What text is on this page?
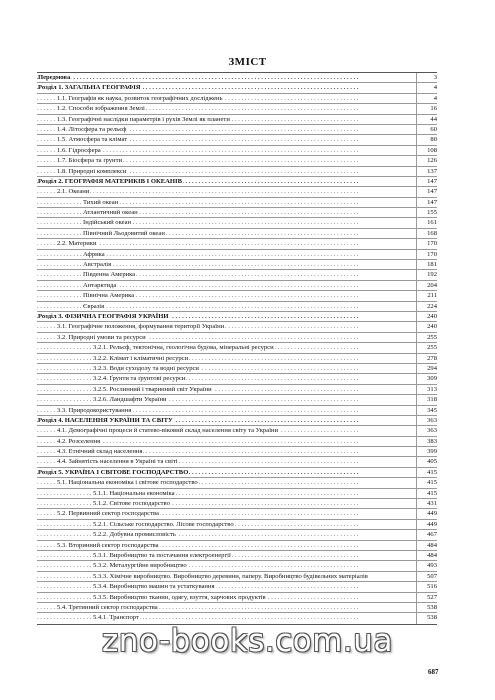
ЗМІСТ
Передмова . . .	3
Розділ 1. ЗАГАЛЬНА ГЕОГРАФІЯ . . .	4
1.1. Географія як наука, розвиток географічних досліджень . . .	4
1.2. Способи зображення Землі . . .	16
1.3. Географічні наслідки параметрів і рухів Землі як планети . . .	44
1.4. Літосфера та рельєф . . .	60
1.5. Атмосфера та клімат . . .	80
1.6. Гідросфера . . .	108
1.7. Біосфера та ґрунти . . .	126
1.8. Природні комплекси . . .	137
Розділ 2. ГЕОГРАФІЯ МАТЕРИКІВ І ОКЕАНІВ . . .	147
2.1. Океани . . .	147
Тихий океан . . .	147
Атлантичний океан . . .	155
Індійський океан . . .	161
Північний Льодовитий океан . . .	168
2.2. Материки . . .	170
Африка . . .	170
Австралія . . .	181
Південна Америка . . .	192
Антарктида . . .	204
Північна Америка . . .	211
Євразія . . .	224
Розділ 3. ФІЗИЧНА ГЕОГРАФІЯ УКРАЇНИ . . .	240
3.1. Географічне положення, формування території України . . .	240
3.2. Природні умови та ресурси . . .	255
3.2.1. Рельєф, тектонічна, геологічна будова, мінеральні ресурси . . .	255
3.2.2. Клімат і кліматичні ресурси . . .	278
3.2.3. Води суходолу та водні ресурси . . .	294
3.2.4. Ґрунти та ґрунтові ресурси . . .	309
3.2.5. Рослинний і тваринний світ України . . .	313
3.2.6. Ландшафти України . . .	318
3.3. Природокористування . . .	345
Розділ 4. НАСЕЛЕННЯ УКРАЇНИ ТА СВІТУ . . .	363
4.1. Демографічні процеси й статево-віковий склад населення світу та України . . .	363
4.2. Розселення . . .	383
4.3. Етнічний склад населення . . .	399
4.4. Зайнятість населення в Україні та світі . . .	405
Розділ 5. УКРАЇНА І СВІТОВЕ ГОСПОДАРСТВО . . .	415
5.1. Національна економіка і світове господарство . . .	415
5.1.1. Національна економіка . . .	415
5.1.2. Світове господарство . . .	431
5.2. Первинний сектор господарства . . .	449
5.2.1. Сільське господарство. Лісове господарство . . .	449
5.2.2. Добувна промисловість . . .	467
5.3. Вторинний сектор господарства . . .	484
5.3.1. Виробництво та постачання електроенергії . . .	484
5.3.2. Металургійне виробництво . . .	493
5.3.3. Хімічне виробництво. Виробництво деревини, паперу. Виробництво будівельних матеріалів . . .	507
5.3.4. Виробництво машин та устаткування . . .	516
5.3.5. Виробництво тканин, одягу, взуття, харчових продуктів . . .	527
5.4. Третинний сектор господарства . . .	538
5.4.1. Транспорт . . .	538
zno-books.com.ua
687
